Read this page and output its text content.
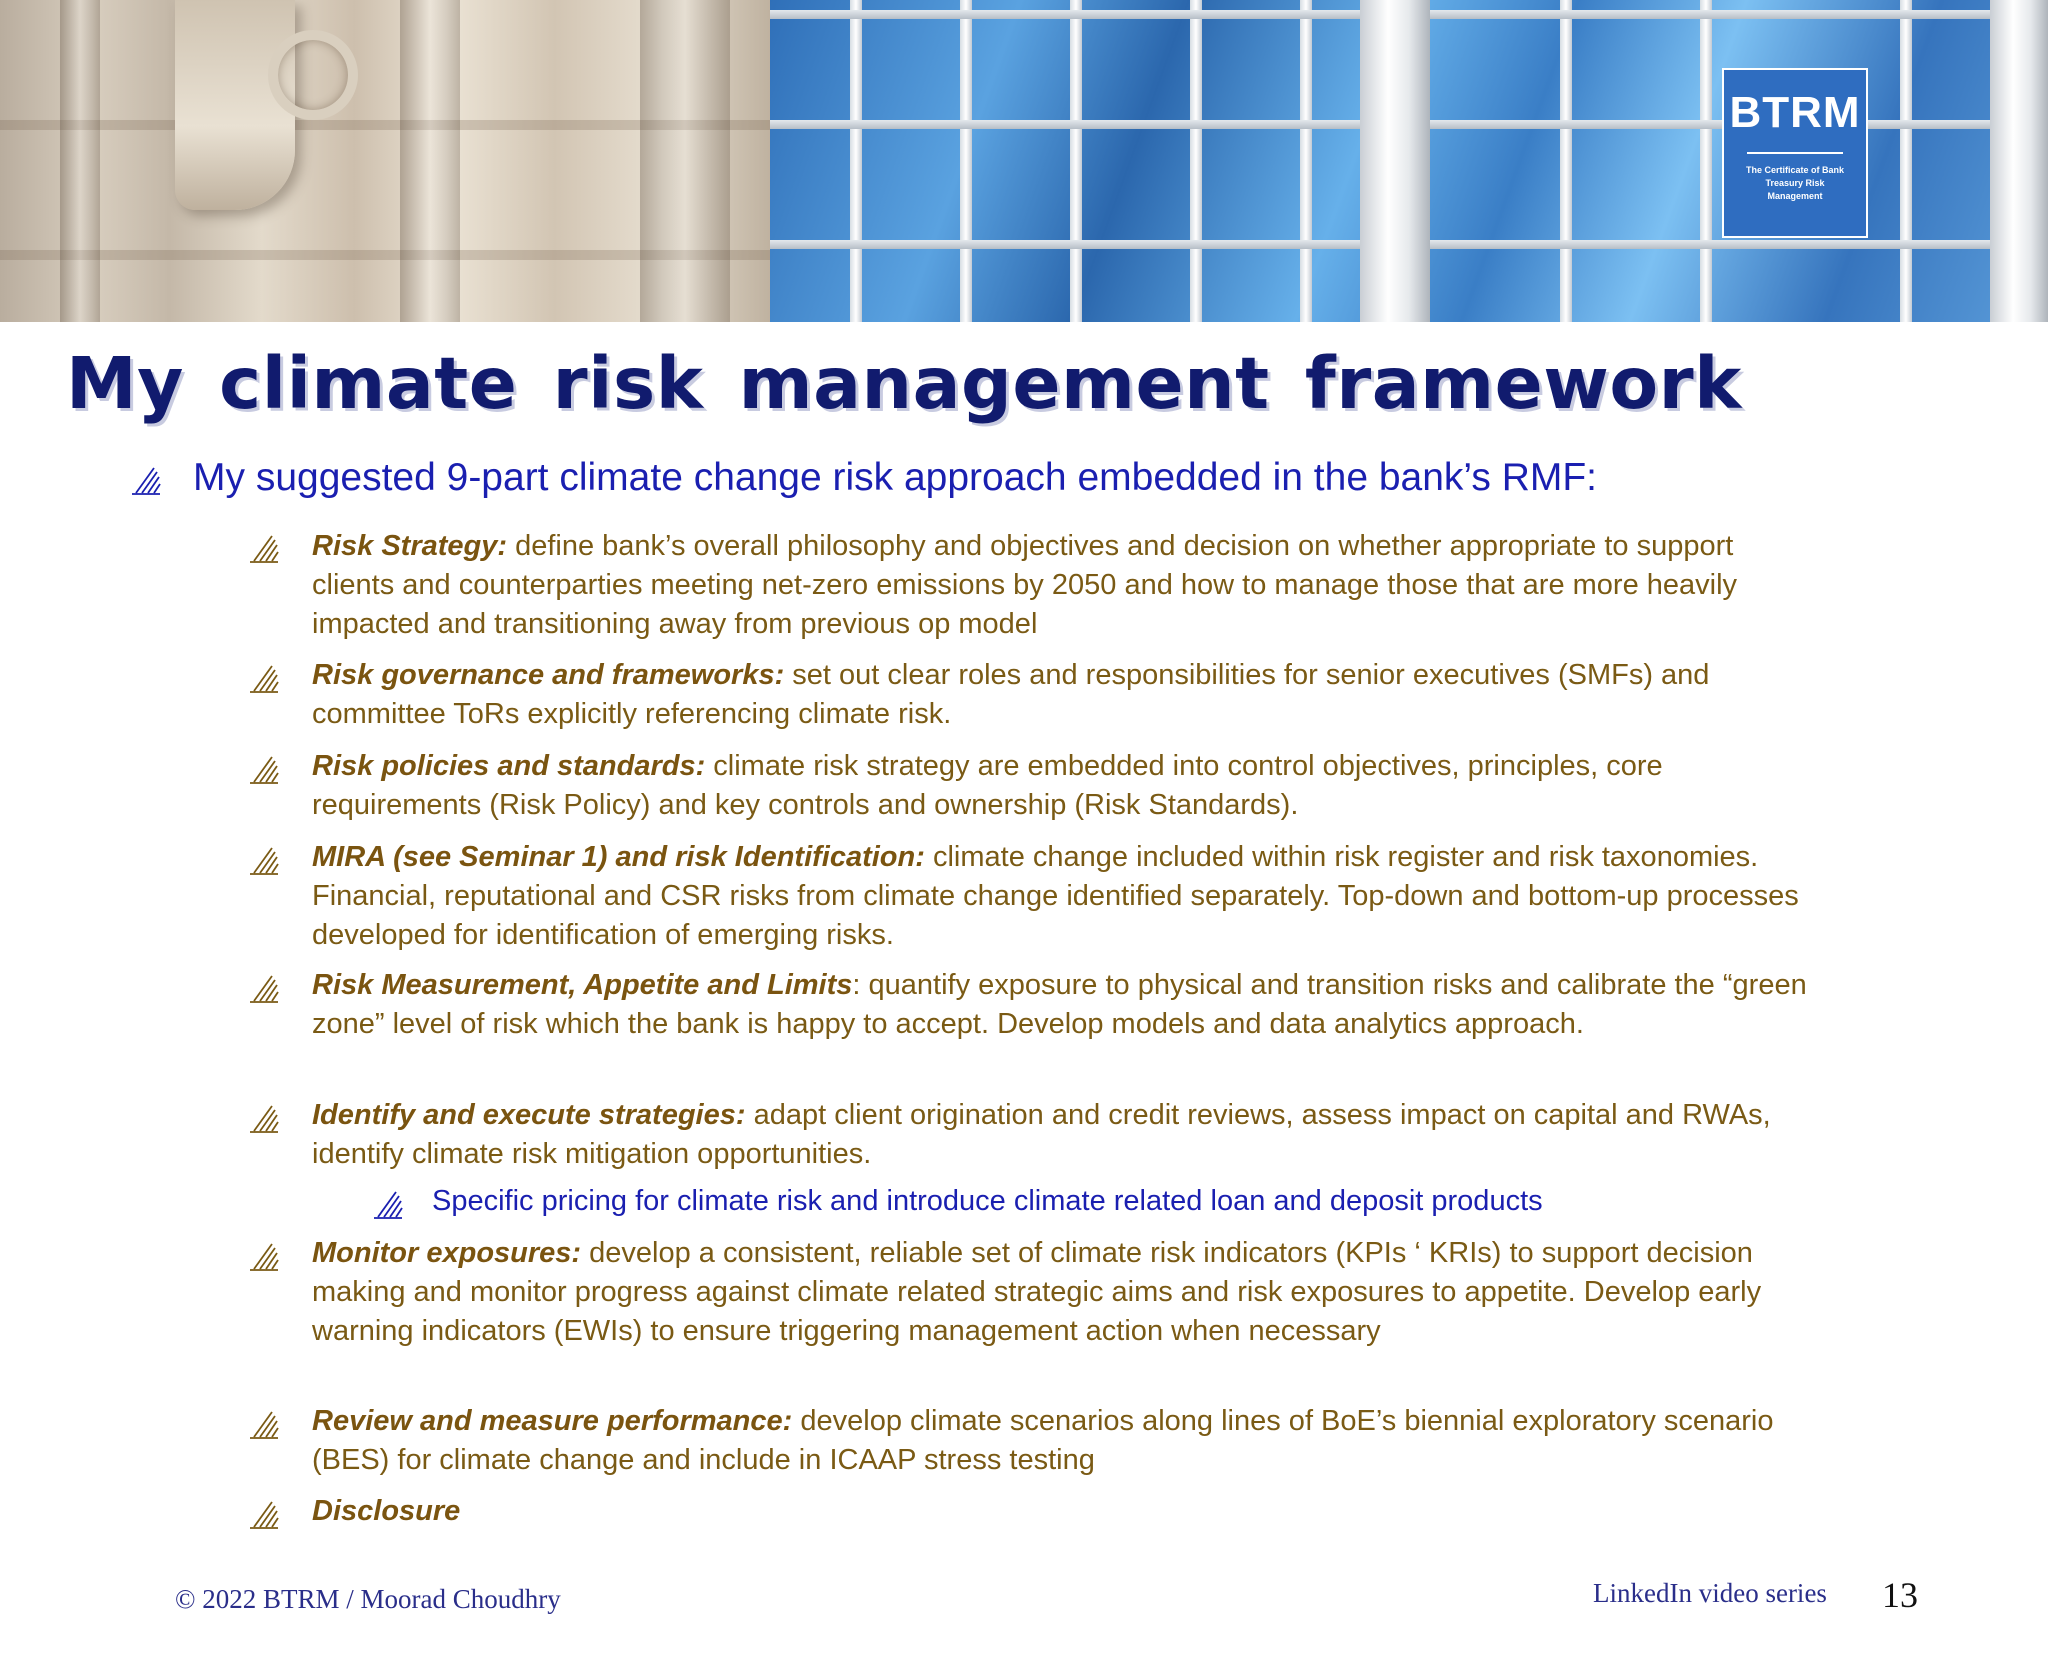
BTRM
The Certificate of Bank Treasury Risk Management
My climate risk management framework

My suggested 9-part climate change risk approach embedded in the bank’s RMF:

Risk Strategy: define bank’s overall philosophy and objectives and decision on whether appropriate to support clients and counterparties meeting net-zero emissions by 2050 and how to manage those that are more heavily impacted and transitioning away from previous op model

Risk governance and frameworks: set out clear roles and responsibilities for senior executives (SMFs) and committee ToRs explicitly referencing climate risk.

Risk policies and standards: climate risk strategy are embedded into control objectives, principles, core requirements (Risk Policy) and key controls and ownership (Risk Standards).

MIRA (see Seminar 1) and risk Identification: climate change included within risk register and risk taxonomies. Financial, reputational and CSR risks from climate change identified separately. Top-down and bottom-up processes developed for identification of emerging risks.

Risk Measurement, Appetite and Limits: quantify exposure to physical and transition risks and calibrate the “green zone” level of risk which the bank is happy to accept. Develop models and data analytics approach.

Identify and execute strategies: adapt client origination and credit reviews, assess impact on capital and RWAs, identify climate risk mitigation opportunities.

Specific pricing for climate risk and introduce climate related loan and deposit products

Monitor exposures: develop a consistent, reliable set of climate risk indicators (KPIs ‘ KRIs) to support decision making and monitor progress against climate related strategic aims and risk exposures to appetite. Develop early warning indicators (EWIs) to ensure triggering management action when necessary

Review and measure performance: develop climate scenarios along lines of BoE’s biennial exploratory scenario (BES) for climate change and include in ICAAP stress testing

Disclosure

© 2022 BTRM / Moorad Choudhry	LinkedIn video series 13
